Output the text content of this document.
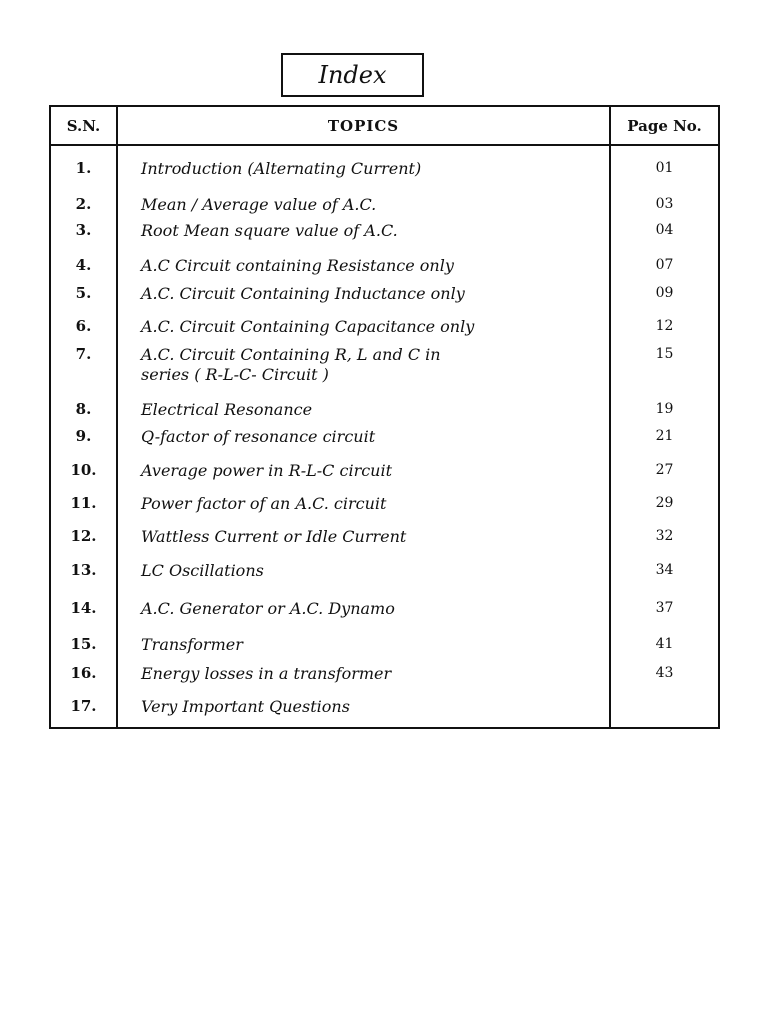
Index
S.N.	TOPICS	Page No.
1.	Introduction (Alternating Current)	01
2.	Mean / Average value of A.C.	03
3.	Root Mean square value of A.C.	04
4.	A.C Circuit containing Resistance only	07
5.	A.C. Circuit Containing Inductance only	09
6.	A.C. Circuit Containing Capacitance only	12
7.	A.C. Circuit Containing R, L and C in	15
series ( R-L-C- Circuit )
8.	Electrical Resonance	19
9.	Q-factor of resonance circuit	21
10.	Average power in R-L-C circuit	27
11.	Power factor of an A.C. circuit	29
12.	Wattless Current or Idle Current	32
13.	LC Oscillations	34
14.	A.C. Generator or A.C. Dynamo	37
15.	Transformer	41
16.	Energy losses in a transformer	43
17.	Very Important Questions
